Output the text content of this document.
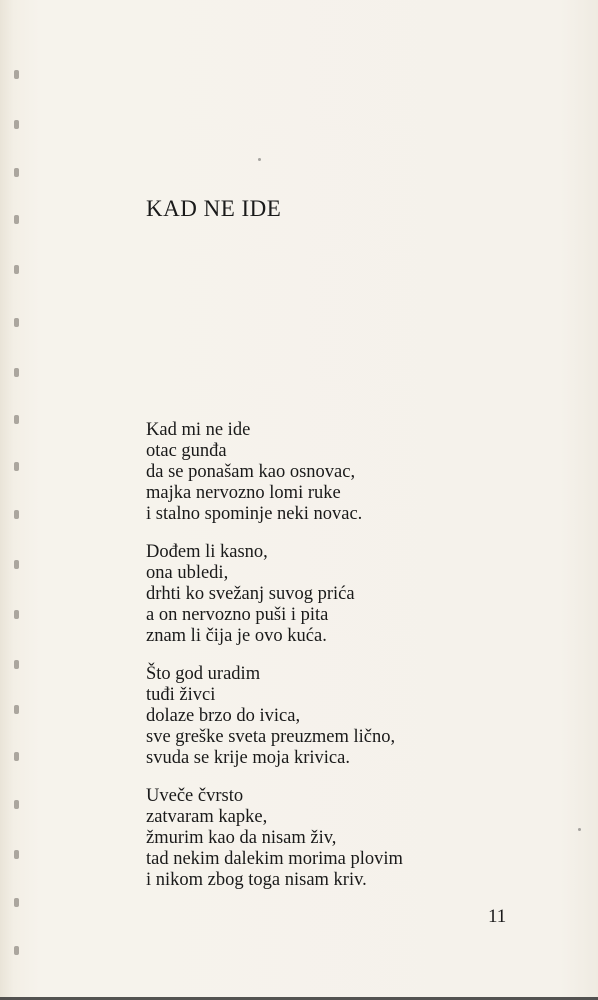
KAD NE IDE
Kad mi ne ide
otac gunđa
da se ponašam kao osnovac,
majka nervozno lomi ruke
i stalno spominje neki novac.
Dođem li kasno,
ona ubledi,
drhti ko svežanj suvog prića
a on nervozno puši i pita
znam li čija je ovo kuća.
Što god uradim
tuđi živci
dolaze brzo do ivica,
sve greške sveta preuzmem lično,
svuda se krije moja krivica.
Uveče čvrsto
zatvaram kapke,
žmurim kao da nisam živ,
tad nekim dalekim morima plovim
i nikom zbog toga nisam kriv.
11
